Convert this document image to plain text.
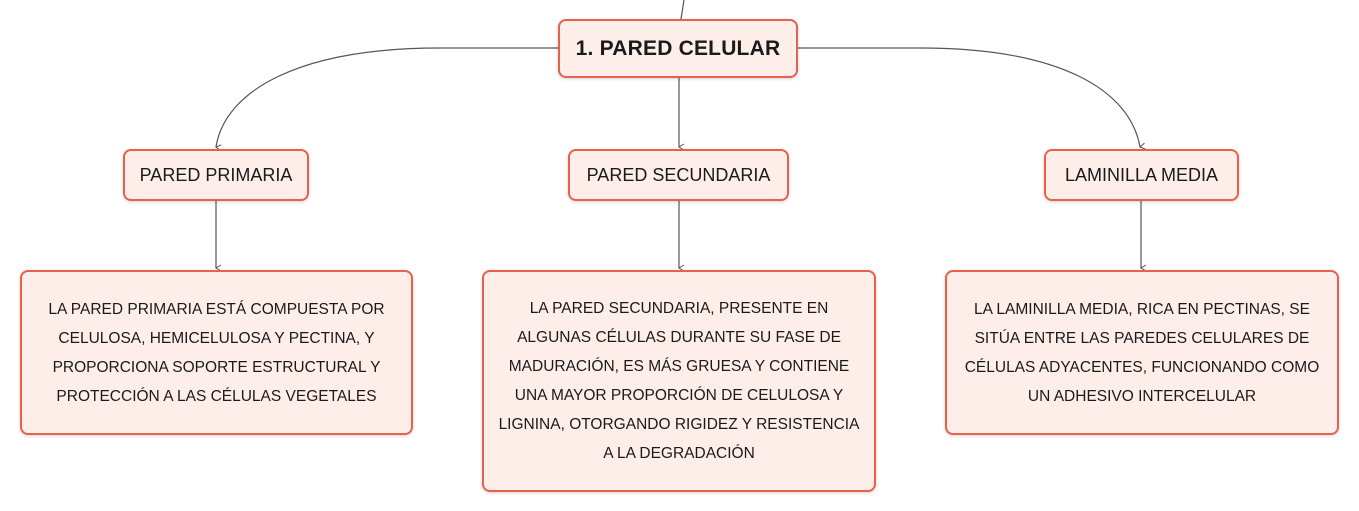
1. PARED CELULAR
PARED PRIMARIA	PARED SECUNDARIA	LAMINILLA MEDIA
LA PARED PRIMARIA ESTÁ COMPUESTA POR CELULOSA, HEMICELULOSA Y PECTINA, Y PROPORCIONA SOPORTE ESTRUCTURAL Y PROTECCIÓN A LAS CÉLULAS VEGETALES
LA PARED SECUNDARIA, PRESENTE EN ALGUNAS CÉLULAS DURANTE SU FASE DE MADURACIÓN, ES MÁS GRUESA Y CONTIENE UNA MAYOR PROPORCIÓN DE CELULOSA Y LIGNINA, OTORGANDO RIGIDEZ Y RESISTENCIA A LA DEGRADACIÓN
LA LAMINILLA MEDIA, RICA EN PECTINAS, SE SITÚA ENTRE LAS PAREDES CELULARES DE CÉLULAS ADYACENTES, FUNCIONANDO COMO UN ADHESIVO INTERCELULAR
